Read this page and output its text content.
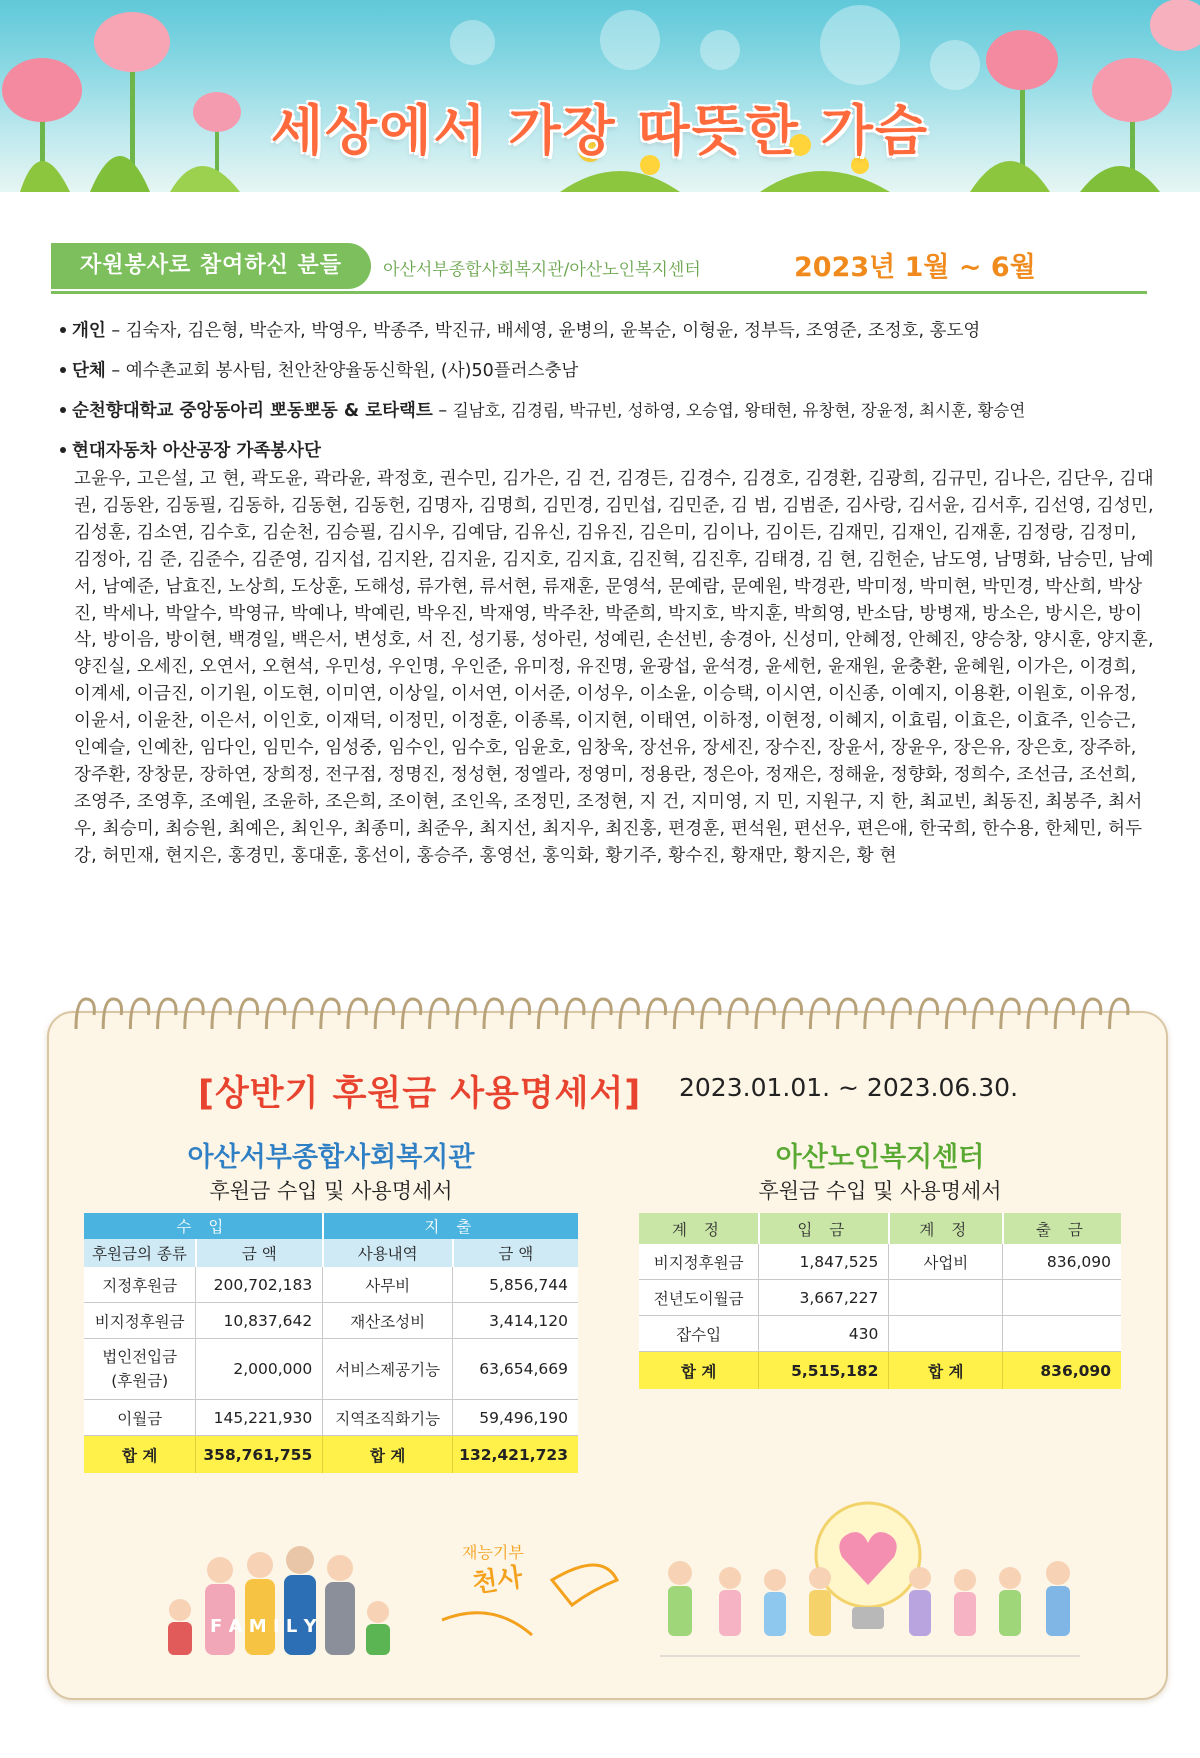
세상에서 가장 따뜻한 가슴
자원봉사로 참여하신 분들	아산서부종합사회복지관/아산노인복지센터	2023년 1월 ~ 6월
개인 – 김숙자, 김은형, 박순자, 박영우, 박종주, 박진규, 배세영, 윤병의, 윤복순, 이형윤, 정부득, 조영준, 조정호, 홍도영
단체 – 예수촌교회 봉사팀, 천안찬양율동신학원, (사)50플러스충남
순천향대학교 중앙동아리 뽀동뽀동 & 로타랙트 – 길남호, 김경림, 박규빈, 성하영, 오승엽, 왕태현, 유창현, 장윤정, 최시훈, 황승연
현대자동차 아산공장 가족봉사단
고윤우, 고은설, 고 현, 곽도윤, 곽라윤, 곽정호, 권수민, 김가은, 김 건, 김경든, 김경수, 김경호, 김경환, 김광희, 김규민, 김나은, 김단우, 김대권, 김동완, 김동필, 김동하, 김동현, 김동헌, 김명자, 김명희, 김민경, 김민섭, 김민준, 김 범, 김범준, 김사랑, 김서윤, 김서후, 김선영, 김성민, 김성훈, 김소연, 김수호, 김순천, 김승필, 김시우, 김예담, 김유신, 김유진, 김은미, 김이나, 김이든, 김재민, 김재인, 김재훈, 김정랑, 김정미, 김정아, 김 준, 김준수, 김준영, 김지섭, 김지완, 김지윤, 김지호, 김지효, 김진혁, 김진후, 김태경, 김 현, 김헌순, 남도영, 남명화, 남승민, 남예서, 남예준, 남효진, 노상희, 도상훈, 도해성, 류가현, 류서현, 류재훈, 문영석, 문예람, 문예원, 박경관, 박미정, 박미현, 박민경, 박산희, 박상진, 박세나, 박알수, 박영규, 박예나, 박예린, 박우진, 박재영, 박주찬, 박준희, 박지호, 박지훈, 박희영, 반소담, 방병재, 방소은, 방시은, 방이삭, 방이음, 방이현, 백경일, 백은서, 변성호, 서 진, 성기룡, 성아린, 성예린, 손선빈, 송경아, 신성미, 안혜정, 안혜진, 양승창, 양시훈, 양지훈, 양진실, 오세진, 오연서, 오현석, 우민성, 우인명, 우인준, 유미정, 유진명, 윤광섭, 윤석경, 윤세헌, 윤재원, 윤충환, 윤혜원, 이가은, 이경희, 이계세, 이금진, 이기원, 이도현, 이미연, 이상일, 이서연, 이서준, 이성우, 이소윤, 이승택, 이시연, 이신종, 이예지, 이용환, 이원호, 이유정, 이윤서, 이윤찬, 이은서, 이인호, 이재덕, 이정민, 이정훈, 이종록, 이지현, 이태연, 이하정, 이현정, 이혜지, 이효림, 이효은, 이효주, 인승근, 인예슬, 인예찬, 임다인, 임민수, 임성중, 임수인, 임수호, 임윤호, 임창욱, 장선유, 장세진, 장수진, 장윤서, 장윤우, 장은유, 장은호, 장주하, 장주환, 장창문, 장하연, 장희정, 전구점, 정명진, 정성현, 정엘라, 정영미, 정용란, 정은아, 정재은, 정해윤, 정향화, 정희수, 조선금, 조선희, 조영주, 조영후, 조예원, 조윤하, 조은희, 조이현, 조인옥, 조정민, 조정현, 지 건, 지미영, 지 민, 지원구, 지 한, 최교빈, 최동진, 최봉주, 최서우, 최승미, 최승원, 최예은, 최인우, 최종미, 최준우, 최지선, 최지우, 최진홍, 편경훈, 편석원, 편선우, 편은애, 한국희, 한수용, 한체민, 허두강, 허민재, 현지은, 홍경민, 홍대훈, 홍선이, 홍승주, 홍영선, 홍익화, 황기주, 황수진, 황재만, 황지은, 황 현
[상반기 후원금 사용명세서] 2023.01.01. ~ 2023.06.30.
아산서부종합사회복지관
후원금 수입 및 사용명세서
아산노인복지센터
후원금 수입 및 사용명세서
수 입		지 출	
후원금의 종류	금 액	사용내역	금 액
지정후원금	200,702,183	사무비	5,856,744
비지정후원금	10,837,642	재산조성비	3,414,120
법인전입금
(후원금)	2,000,000	서비스제공기능	63,654,669
이월금	145,221,930	지역조직화기능	59,496,190
합 계	358,761,755	합 계	132,421,723
계 정	입 금	계 정	출 금
비지정후원금	1,847,525	사업비	836,090
전년도이월금	3,667,227		
잡수입	430		
합 계	5,515,182	합 계	836,090
F A M I L Y
재능기부
천사
